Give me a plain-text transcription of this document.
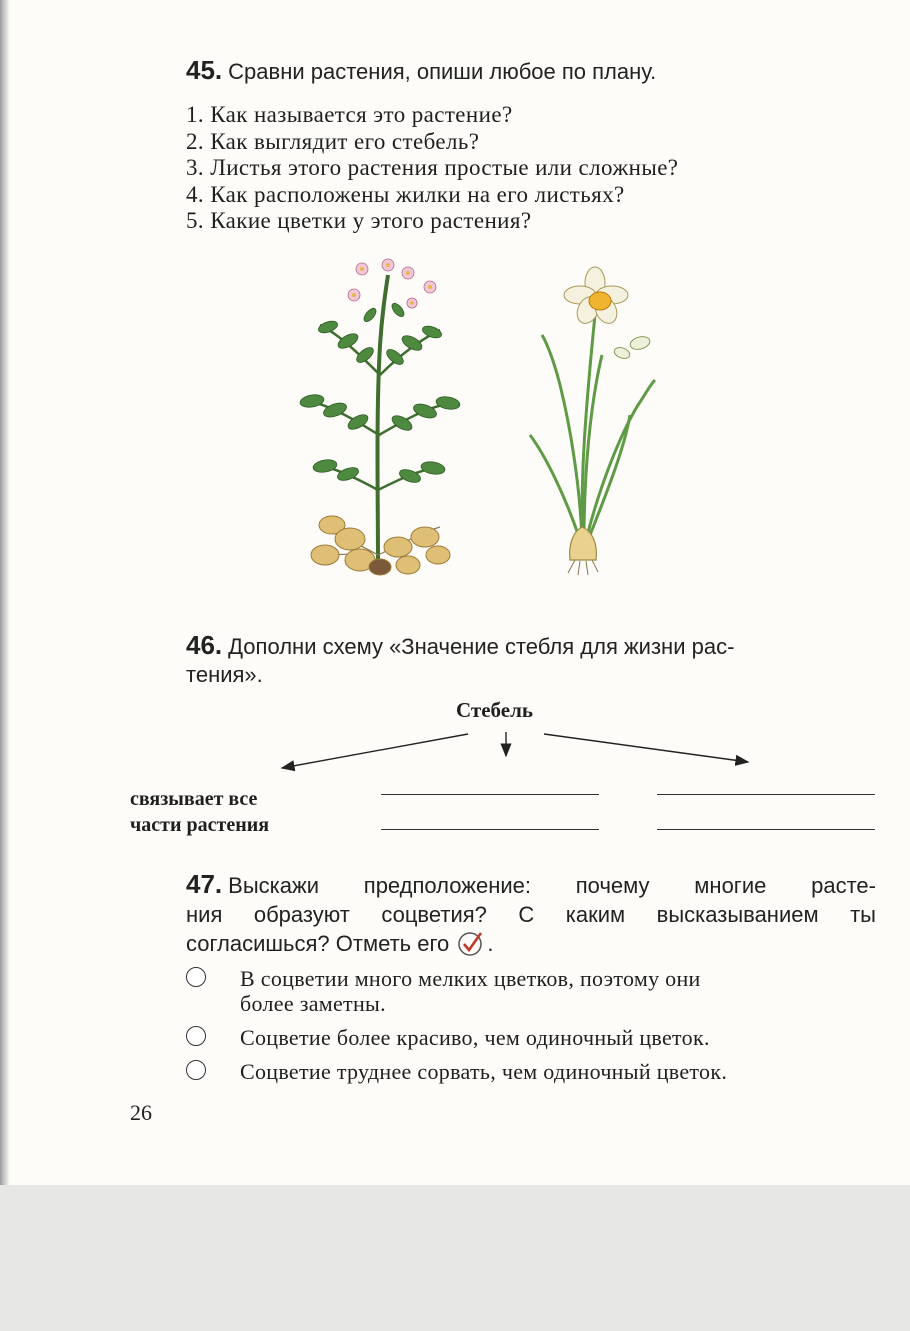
45. Сравни растения, опиши любое по плану.
1. Как называется это растение?
2. Как выглядит его стебель?
3. Листья этого растения простые или сложные?
4. Как расположены жилки на его листьях?
5. Какие цветки у этого растения?
46. Дополни схему «Значение стебля для жизни рас-
тения».
Стебель
связывает все
части растения
47. Выскажи предположение: почему многие расте-
ния образуют соцветия? С каким высказыванием ты
согласишься? Отметь его .
В соцветии много мелких цветков, поэтому они
более заметны.
Соцветие более красиво, чем одиночный цветок.
Соцветие труднее сорвать, чем одиночный цветок.
26
